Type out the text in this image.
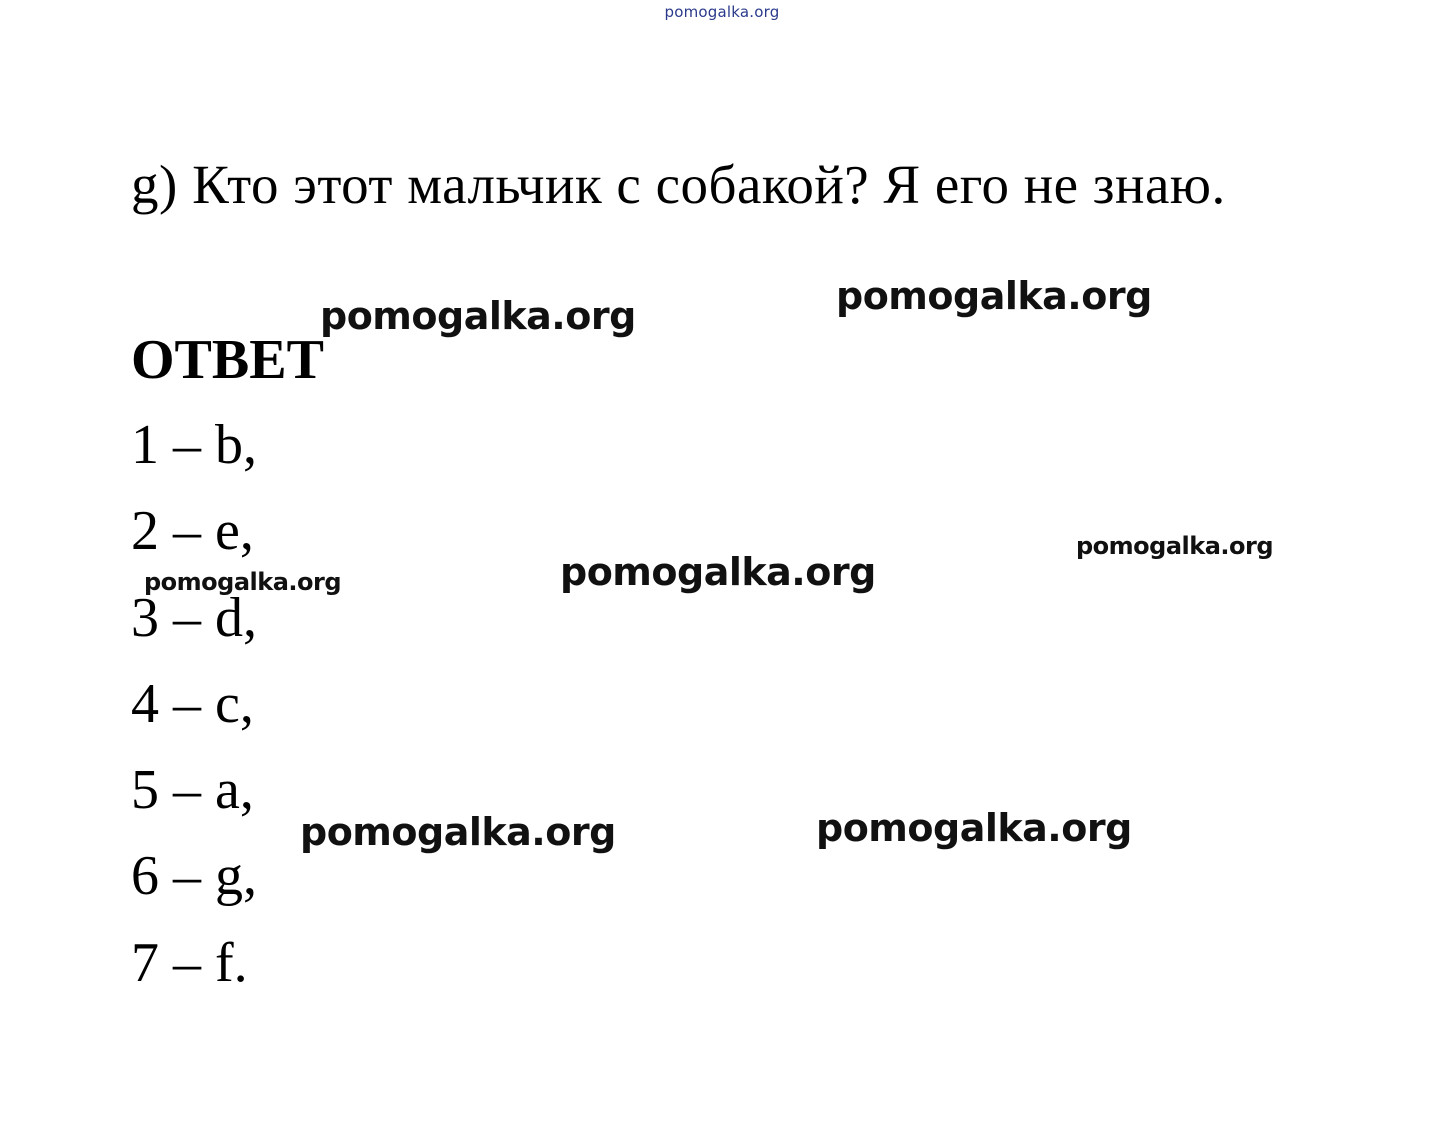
pomogalka.org
g) Кто этот мальчик с собакой? Я его не знаю.
ОТВЕТ
1 – b,
2 – e,
3 – d,
4 – c,
5 – a,
6 – g,
7 – f.
pomogalka.org	pomogalka.org
pomogalka.org	pomogalka.org
pomogalka.org
pomogalka.org	pomogalka.org
